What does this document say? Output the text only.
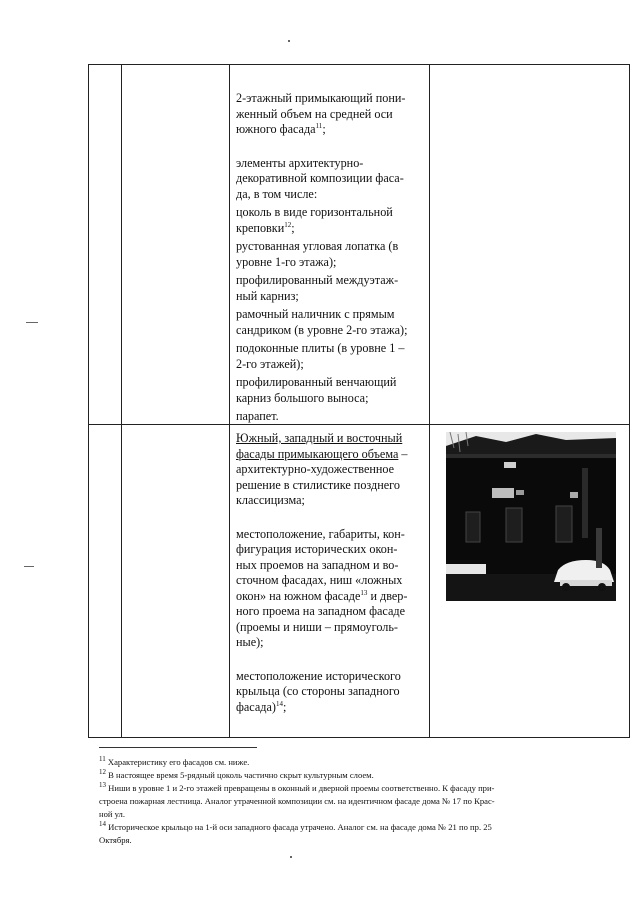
2-этажный примыкающий пони-

женный объем на средней оси

южного фасада$^{11}$;

элементы архитектурно-

декоративной композиции фаса-

да, в том числе:

цоколь в виде горизонтальной

креповки$^{12}$;

рустованная угловая лопатка (в

уровне 1-го этажа);

профилированный междуэтаж-

ный карниз;

рамочный наличник с прямым

сандриком (в уровне 2-го этажа);

подоконные плиты (в уровне 1 –

2-го этажей);

профилированный венчающий

карниз большого выноса;

парапет.

Южный, западный и восточный

фасады примыкающего объема –

архитектурно-художественное

решение в стилистике позднего

классицизма;

местоположение, габариты, кон-

фигурация исторических окон-

ных проемов на западном и во-

сточном фасадах, ниш «ложных

окон» на южном фасаде$^{13}$ и двер-

ного проема на западном фасаде

(проемы и ниши – прямоуголь-

ные);

местоположение исторического

крыльца (со стороны западного

фасада)$^{14}$;

$^{11}$ Характеристику его фасадов см. ниже.

$^{12}$ В настоящее время 5-рядный цоколь частично скрыт культурным слоем.

$^{13}$ Ниши в уровне 1 и 2-го этажей превращены в оконный и дверной проемы соответственно. К фасаду при-

строена пожарная лестница. Аналог утраченной композиции см. на идентичном фасаде дома № 17 по Крас-

ной ул.

$^{14}$ Историческое крыльцо на 1-й оси западного фасада утрачено. Аналог см. на фасаде дома № 21 по пр. 25

Октября.
